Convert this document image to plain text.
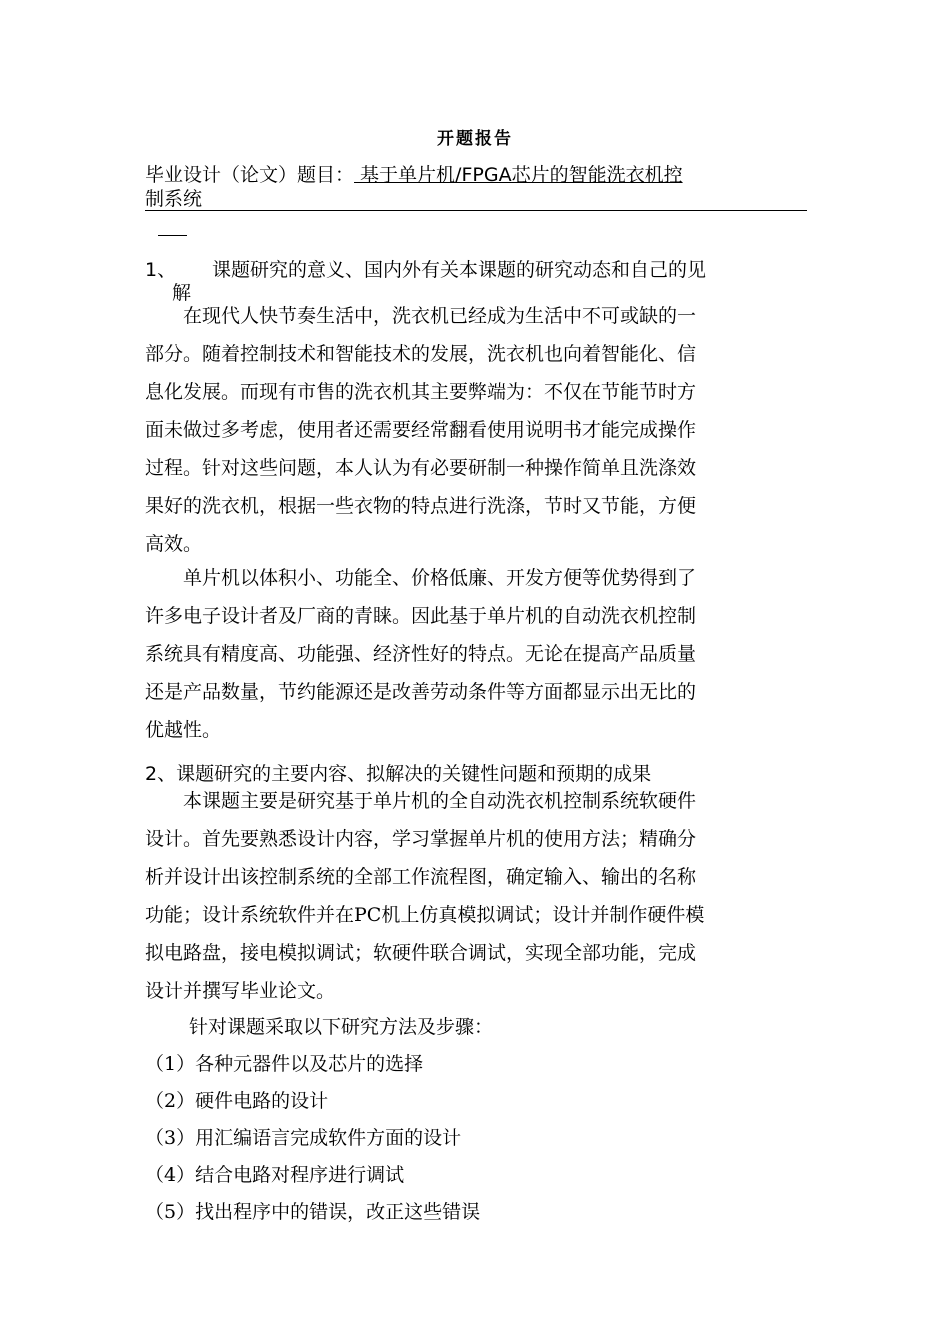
开题报告
毕业设计（论文）题目： 基于单片机/FPGA芯片的智能洗衣机控
制系统
1、 课题研究的意义、国内外有关本课题的研究动态和自己的见
解
　　在现代人快节奏生活中，洗衣机已经成为生活中不可或缺的一
部分。随着控制技术和智能技术的发展，洗衣机也向着智能化、信
息化发展。而现有市售的洗衣机其主要弊端为：不仅在节能节时方
面未做过多考虑，使用者还需要经常翻看使用说明书才能完成操作
过程。针对这些问题，本人认为有必要研制一种操作简单且洗涤效
果好的洗衣机，根据一些衣物的特点进行洗涤，节时又节能，方便
高效。
　　单片机以体积小、功能全、价格低廉、开发方便等优势得到了
许多电子设计者及厂商的青睐。因此基于单片机的自动洗衣机控制
系统具有精度高、功能强、经济性好的特点。无论在提高产品质量
还是产品数量，节约能源还是改善劳动条件等方面都显示出无比的
优越性。
2、课题研究的主要内容、拟解决的关键性问题和预期的成果
　　本课题主要是研究基于单片机的全自动洗衣机控制系统软硬件
设计。首先要熟悉设计内容，学习掌握单片机的使用方法；精确分
析并设计出该控制系统的全部工作流程图，确定输入、输出的名称
功能；设计系统软件并在PC机上仿真模拟调试；设计并制作硬件模
拟电路盘，接电模拟调试；软硬件联合调试，实现全部功能，完成
设计并撰写毕业论文。
针对课题采取以下研究方法及步骤：
（1）各种元器件以及芯片的选择
（2）硬件电路的设计
（3）用汇编语言完成软件方面的设计
（4）结合电路对程序进行调试
（5）找出程序中的错误，改正这些错误
